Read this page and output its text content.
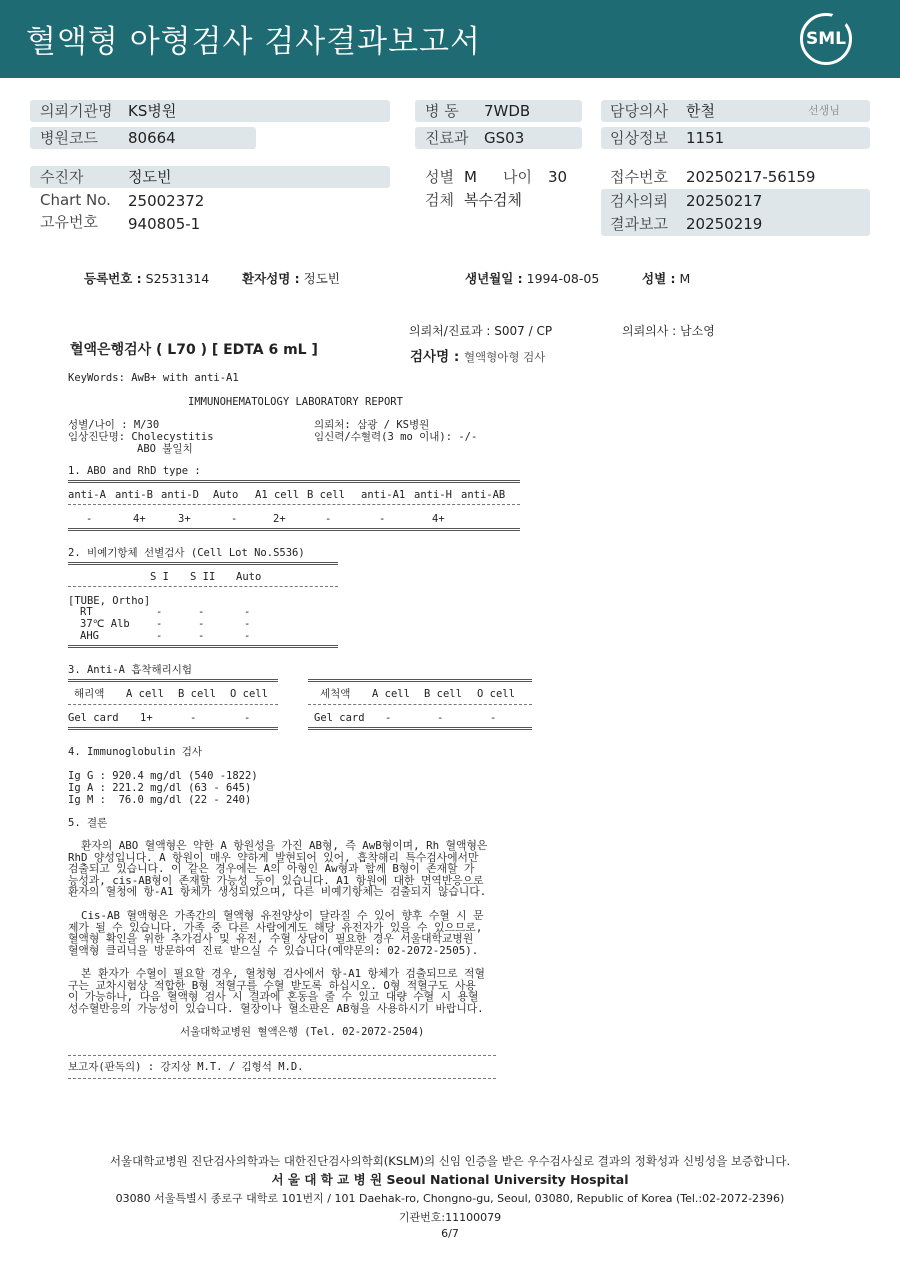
혈액형 아형검사 검사결과보고서	SML
의뢰기관명 KS병원
병원코드 80664
수진자	정도빈
Chart No. 25002372
고유번호 940805-1
병 동 7WDB
진료과 GS03
성별 M 나이 30
검체 복수검체
담당의사 한철	선생님
임상정보 1151
접수번호 20250217-56159
검사의뢰 20250217
결과보고 20250219
등록번호 : S2531314	환자성명 : 정도빈	생년월일 : 1994-08-05	성별 : M
의뢰처/진료과 : S007 / CP	의뢰의사 : 남소영
혈액은행검사 ( L70 ) [ EDTA 6 mL ]	검사명 : 혈액형아형 검사
KeyWords: AwB+ with anti-A1
IMMUNOHEMATOLOGY LABORATORY REPORT
성별/나이 : M/30
임상진단명: Cholecystitis
ABO 불일치
의뢰처: 삼광 / KS병원
임신력/수혈력(3 mo 이내): -/-
1. ABO and RhD type :
anti-A anti-B anti-D Auto A1 cell B cell anti-A1 anti-H anti-AB
-	4+	3+	-	2+	-	-	4+
2. 비예기항체 선별검사 (Cell Lot No.S536)
S I S II Auto
[TUBE, Ortho]
RT	-	-	-
37℃ Alb	-	-	-
AHG	-	-	-
3. Anti-A 흡착해리시험
해리액 A cell B cell O cell	세척액 A cell B cell O cell
Gel card 1+	-	-	Gel card -	-	-
4. Immunoglobulin 검사
Ig G : 920.4 mg/dl (540 -1822)
Ig A : 221.2 mg/dl (63 - 645)
Ig M :  76.0 mg/dl (22 - 240)
5. 결론
환자의 ABO 혈액형은 약한 A 항원성을 가진 AB형, 즉 AwB형이며, Rh 혈액형은
RhD 양성입니다. A 항원이 매우 약하게 발현되어 있어, 흡착해리 특수검사에서만
검출되고 있습니다. 이 같은 경우에는 A의 아형인 Aw형과 함께 B형이 존재할 가
능성과, cis-AB형이 존재할 가능성 등이 있습니다. A1 항원에 대한 면역반응으로
환자의 혈청에 항-A1 항체가 생성되었으며, 다른 비예기항체는 검출되지 않습니다.
Cis-AB 혈액형은 가족간의 혈액형 유전양상이 달라질 수 있어 향후 수혈 시 문
제가 될 수 있습니다. 가족 중 다른 사람에게도 해당 유전자가 있을 수 있으므로,
혈액형 확인을 위한 추가검사 및 유전, 수혈 상담이 필요한 경우 서울대학교병원
혈액형 클리닉을 방문하여 진료 받으실 수 있습니다(예약문의: 02-2072-2505).
본 환자가 수혈이 필요할 경우, 혈청형 검사에서 항-A1 항체가 검출되므로 적혈
구는 교차시험상 적합한 B형 적혈구를 수혈 받도록 하십시오. O형 적혈구도 사용
이 가능하나, 다음 혈액형 검사 시 결과에 혼동을 줄 수 있고 대량 수혈 시 용혈
성수혈반응의 가능성이 있습니다. 혈장이나 혈소판은 AB형을 사용하시기 바랍니다.
서울대학교병원 혈액은행 (Tel. 02-2072-2504)
보고자(판독의) : 강지상 M.T. / 김형석 M.D.
서울대학교병원 진단검사의학과는 대한진단검사의학회(KSLM)의 신임 인증을 받은 우수검사실로 결과의 정확성과 신빙성을 보증합니다.
서 울 대 학 교 병 원 Seoul National University Hospital
03080 서울특별시 종로구 대학로 101번지 / 101 Daehak-ro, Chongno-gu, Seoul, 03080, Republic of Korea (Tel.:02-2072-2396)
기관번호:11100079
6/7
